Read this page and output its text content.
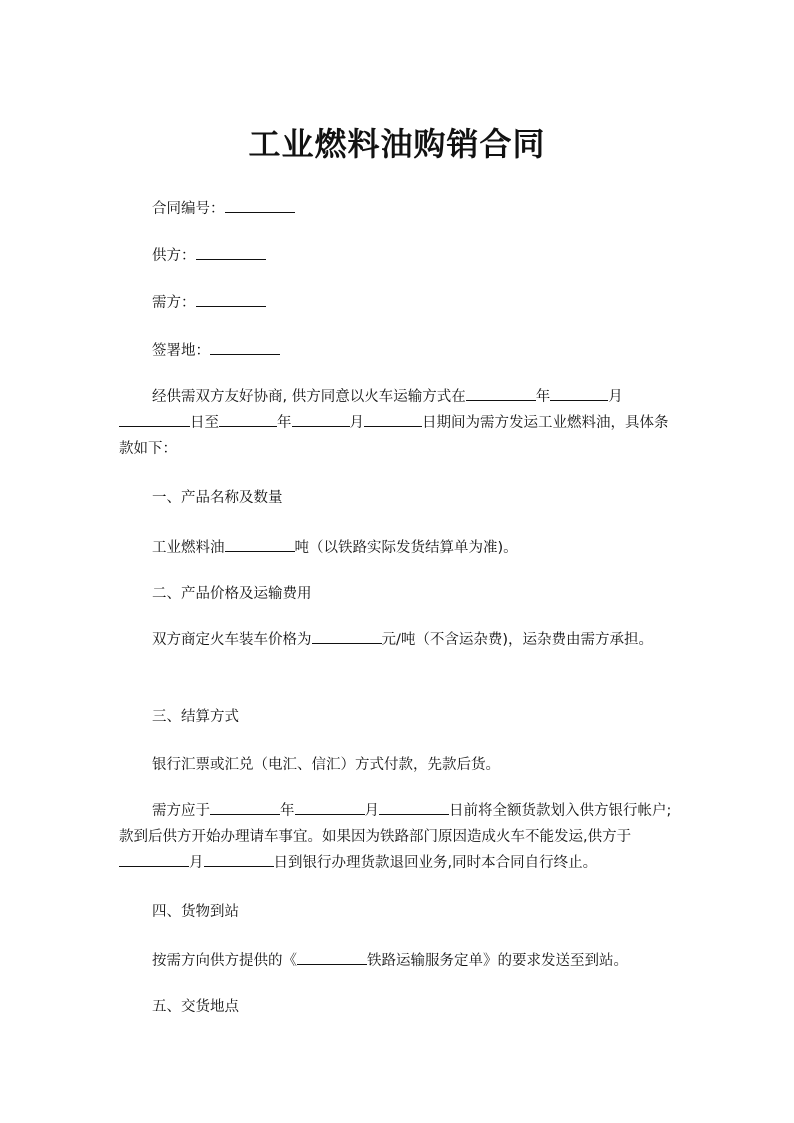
工业燃料油购销合同
合同编号：
供方：
需方：
签署地：
经供需双方友好协商, 供方同意以火车运输方式在	年	月日至	年	月	日期间为需方发运工业燃料油，具体条款如下：
一、产品名称及数量
工业燃料油	吨（以铁路实际发货结算单为准)。
二、产品价格及运输费用
双方商定火车装车价格为	元/吨（不含运杂费)，运杂费由需方承担。
三、结算方式
银行汇票或汇兑（电汇、信汇）方式付款，先款后货。
需方应于	年	月	日前将全额货款划入供方银行帐户;款到后供方开始办理请车事宜。如果因为铁路部门原因造成火车不能发运,供方于月	日到银行办理货款退回业务,同时本合同自行终止。
四、货物到站
按需方向供方提供的《	铁路运输服务定单》的要求发送至到站。
五、交货地点
